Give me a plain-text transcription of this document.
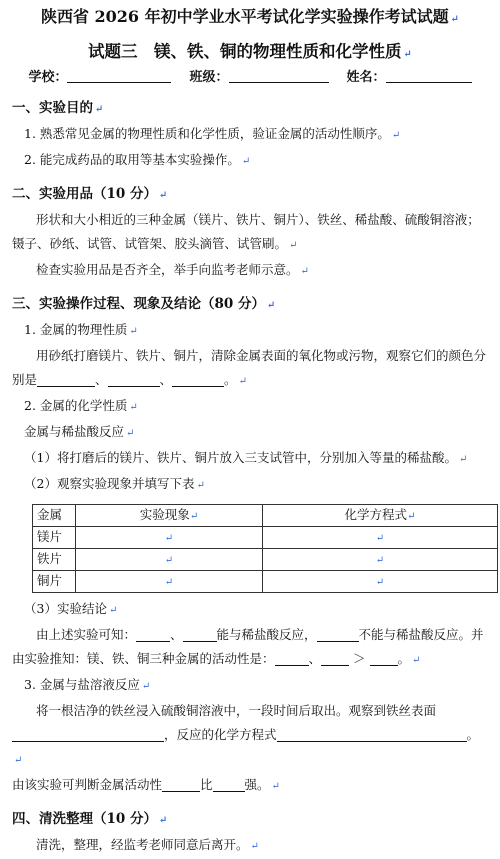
陕西省 2026 年初中学业水平考试化学实验操作考试试题 ↵

试题三　镁、铁、铜的物理性质和化学性质 ↵

学校：	班级：	姓名：
一、实验目的 ↵

1. 熟悉常见金属的物理性质和化学性质，验证金属的活动性顺序。 ↵

2. 能完成药品的取用等基本实验操作。 ↵

二、实验用品（10 分） ↵

形状和大小相近的三种金属（镁片、铁片、铜片）、铁丝、稀盐酸、硫酸铜溶液；镊子、砂纸、试管、试管架、胶头滴管、试管刷。 ↵

检查实验用品是否齐全，举手向监考老师示意。 ↵

三、实验操作过程、现象及结论（80 分） ↵

1. 金属的物理性质 ↵

用砂纸打磨镁片、铁片、铜片，清除金属表面的氧化物或污物，观察它们的颜色分别是	、	、	。 ↵

2. 金属的化学性质 ↵

金属与稀盐酸反应 ↵

（1）将打磨后的镁片、铁片、铜片放入三支试管中，分别加入等量的稀盐酸。 ↵

（2）观察实验现象并填写下表 ↵

金属	实验现象↵	化学方程式↵
镁片	↵	↵
铁片	↵	↵
铜片	↵	↵

（3）实验结论 ↵

由上述实验可知：	、	能与稀盐酸反应，	不能与稀盐酸反应。并由实验推知：镁、铁、铜三种金属的活动性是：	、	＞	。 ↵

3. 金属与盐溶液反应 ↵

将一根洁净的铁丝浸入硫酸铜溶液中，一段时间后取出。观察到铁丝表面，反应的化学方程式	。↵

由该实验可判断金属活动性	比	强。 ↵

四、清洗整理（10 分） ↵

清洗，整理，经监考老师同意后离开。 ↵
